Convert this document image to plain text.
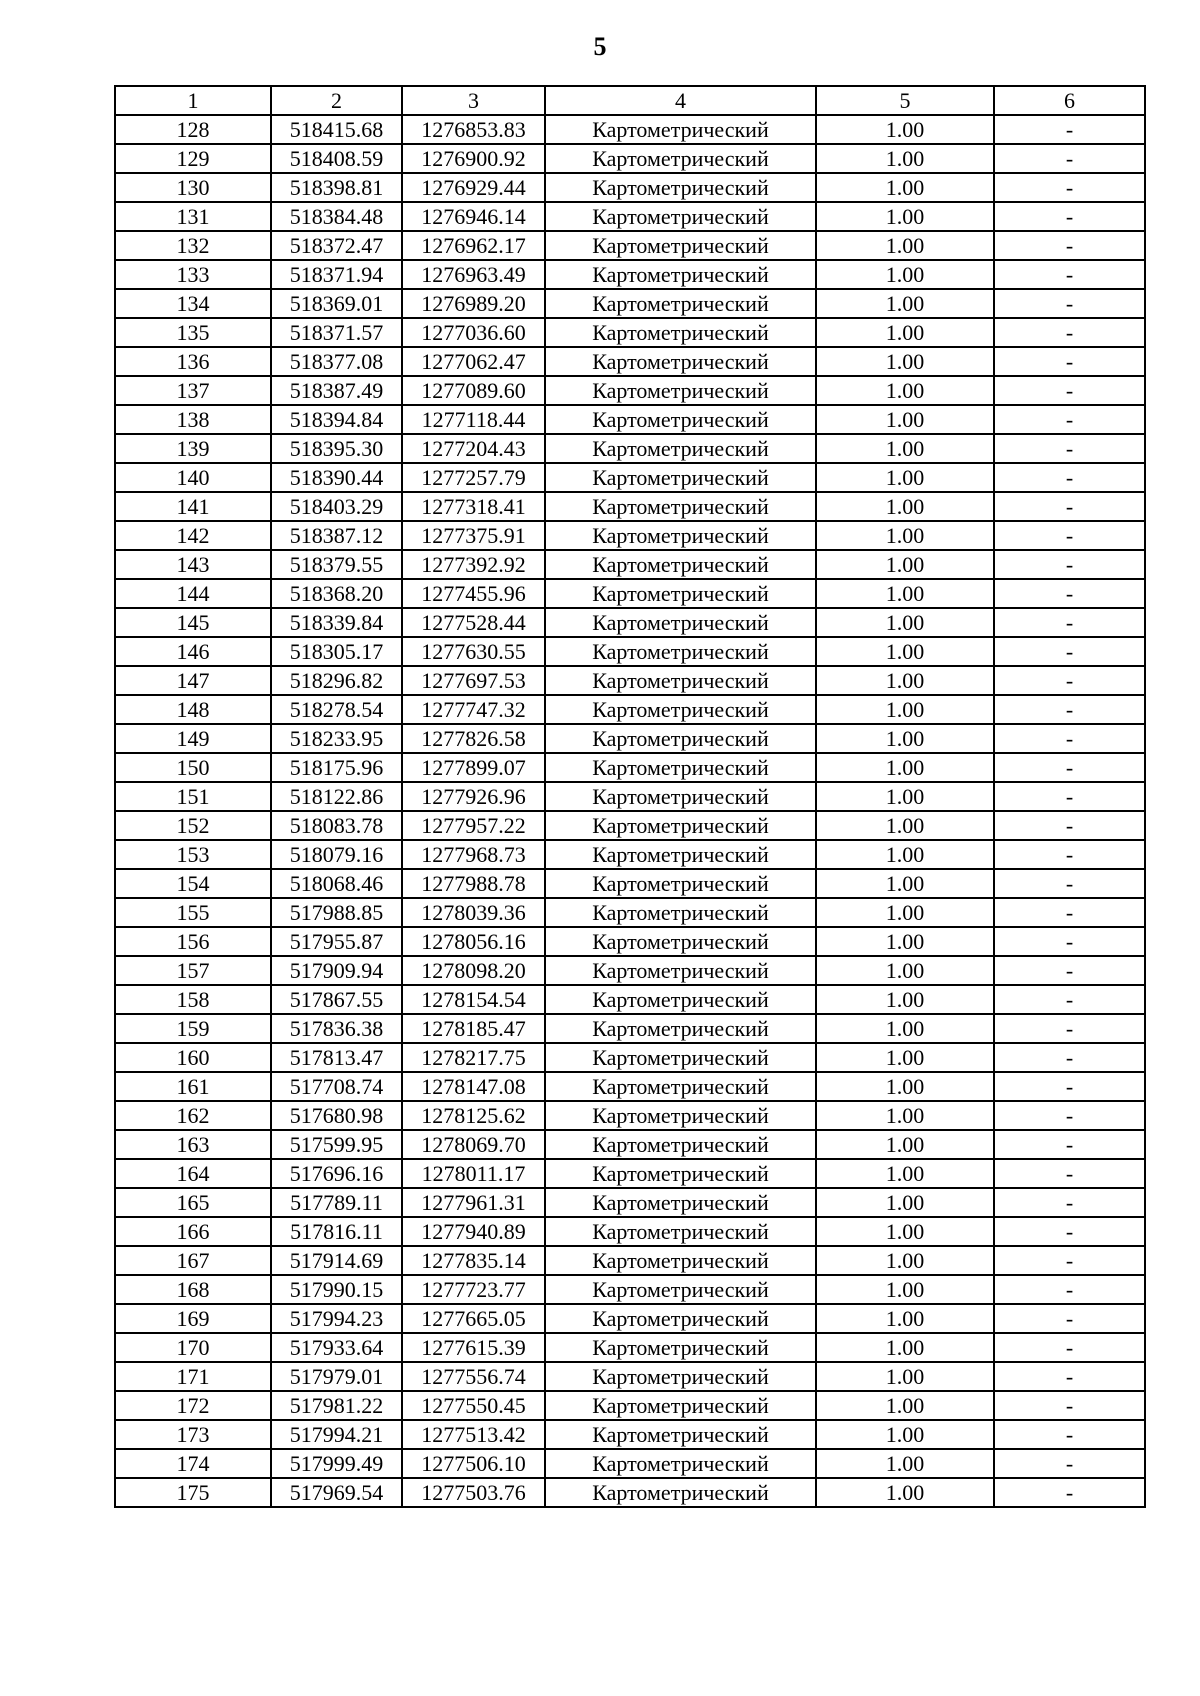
5
1	2	3	4	5	6
128	518415.68	1276853.83	Картометрический	1.00	-
129	518408.59	1276900.92	Картометрический	1.00	-
130	518398.81	1276929.44	Картометрический	1.00	-
131	518384.48	1276946.14	Картометрический	1.00	-
132	518372.47	1276962.17	Картометрический	1.00	-
133	518371.94	1276963.49	Картометрический	1.00	-
134	518369.01	1276989.20	Картометрический	1.00	-
135	518371.57	1277036.60	Картометрический	1.00	-
136	518377.08	1277062.47	Картометрический	1.00	-
137	518387.49	1277089.60	Картометрический	1.00	-
138	518394.84	1277118.44	Картометрический	1.00	-
139	518395.30	1277204.43	Картометрический	1.00	-
140	518390.44	1277257.79	Картометрический	1.00	-
141	518403.29	1277318.41	Картометрический	1.00	-
142	518387.12	1277375.91	Картометрический	1.00	-
143	518379.55	1277392.92	Картометрический	1.00	-
144	518368.20	1277455.96	Картометрический	1.00	-
145	518339.84	1277528.44	Картометрический	1.00	-
146	518305.17	1277630.55	Картометрический	1.00	-
147	518296.82	1277697.53	Картометрический	1.00	-
148	518278.54	1277747.32	Картометрический	1.00	-
149	518233.95	1277826.58	Картометрический	1.00	-
150	518175.96	1277899.07	Картометрический	1.00	-
151	518122.86	1277926.96	Картометрический	1.00	-
152	518083.78	1277957.22	Картометрический	1.00	-
153	518079.16	1277968.73	Картометрический	1.00	-
154	518068.46	1277988.78	Картометрический	1.00	-
155	517988.85	1278039.36	Картометрический	1.00	-
156	517955.87	1278056.16	Картометрический	1.00	-
157	517909.94	1278098.20	Картометрический	1.00	-
158	517867.55	1278154.54	Картометрический	1.00	-
159	517836.38	1278185.47	Картометрический	1.00	-
160	517813.47	1278217.75	Картометрический	1.00	-
161	517708.74	1278147.08	Картометрический	1.00	-
162	517680.98	1278125.62	Картометрический	1.00	-
163	517599.95	1278069.70	Картометрический	1.00	-
164	517696.16	1278011.17	Картометрический	1.00	-
165	517789.11	1277961.31	Картометрический	1.00	-
166	517816.11	1277940.89	Картометрический	1.00	-
167	517914.69	1277835.14	Картометрический	1.00	-
168	517990.15	1277723.77	Картометрический	1.00	-
169	517994.23	1277665.05	Картометрический	1.00	-
170	517933.64	1277615.39	Картометрический	1.00	-
171	517979.01	1277556.74	Картометрический	1.00	-
172	517981.22	1277550.45	Картометрический	1.00	-
173	517994.21	1277513.42	Картометрический	1.00	-
174	517999.49	1277506.10	Картометрический	1.00	-
175	517969.54	1277503.76	Картометрический	1.00	-
